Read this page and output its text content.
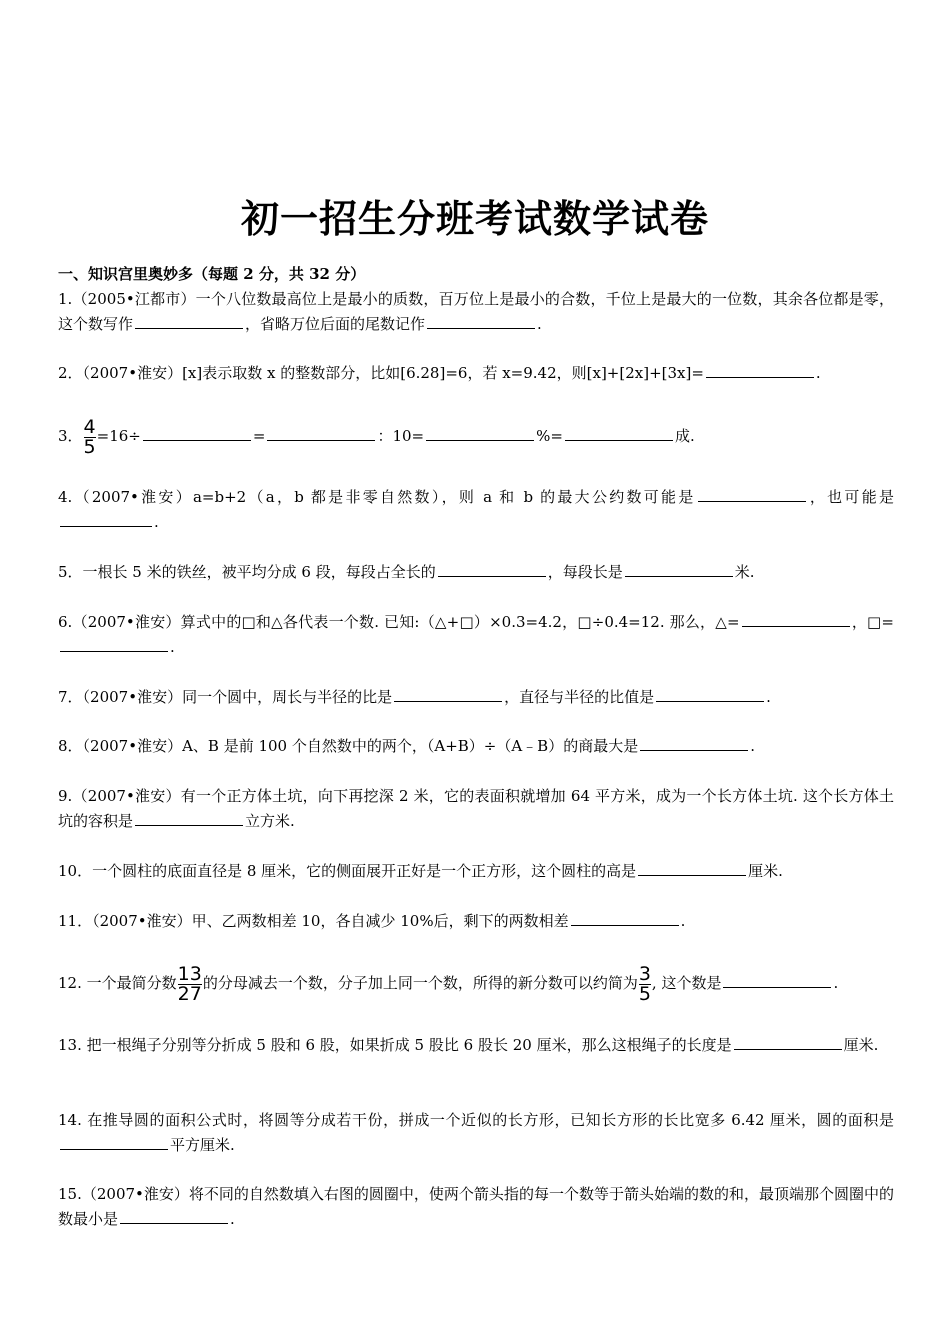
初一招生分班考试数学试卷
一、知识宫里奥妙多（每题 2 分，共 32 分）
1.（2005•江都市）一个八位数最高位上是最小的质数，百万位上是最小的合数，千位上是最大的一位数，其余各位都是零，这个数写作	，省略万位后面的尾数记作	.
2．（2007•淮安）[x]表示取数 x 的整数部分，比如[6.28]=6，若 x=9.42，则[x]+[2x]+[3x]=	.
3． $\frac{4}{5} =16\div$	=	：10=	%=	成.
4.（2007•淮安）a=b+2（a，b 都是非零自然数），则 a 和 b 的最大公约数可能是	，也可能是.
5．一根长 5 米的铁丝，被平均分成 6 段，每段占全长的	，每段长是	米.
6.（2007•淮安）算式中的□和△各代表一个数. 已知:（△+□）×0.3=4.2，□÷0.4=12. 那么，△=	，□=.
7．（2007•淮安）同一个圆中，周长与半径的比是	，直径与半径的比值是	.
8．（2007•淮安）A、B 是前 100 个自然数中的两个，（A+B）÷（A﹣B）的商最大是	.
9.（2007•淮安）有一个正方体土坑，向下再挖深 2 米，它的表面积就增加 64 平方米，成为一个长方体土坑. 这个长方体土坑的容积是	立方米.
10．一个圆柱的底面直径是 8 厘米，它的侧面展开正好是一个正方形，这个圆柱的高是	厘米.
11．（2007•淮安）甲、乙两数相差 10，各自减少 10%后，剩下的两数相差	.
12. 一个最简分数 $\frac{13}{27}$ 的分母减去一个数，分子加上同一个数，所得的新分数可以约简为 $\frac{3}{5}$ , 这个数是	.
13. 把一根绳子分别等分折成 5 股和 6 股，如果折成 5 股比 6 股长 20 厘米，那么这根绳子的长度是	厘米.
14. 在推导圆的面积公式时，将圆等分成若干份，拼成一个近似的长方形，已知长方形的长比宽多 6.42 厘米，圆的面积是平方厘米.
15.（2007•淮安）将不同的自然数填入右图的圆圈中，使两个箭头指的每一个数等于箭头始端的数的和，最顶端那个圆圈中的数最小是	.
